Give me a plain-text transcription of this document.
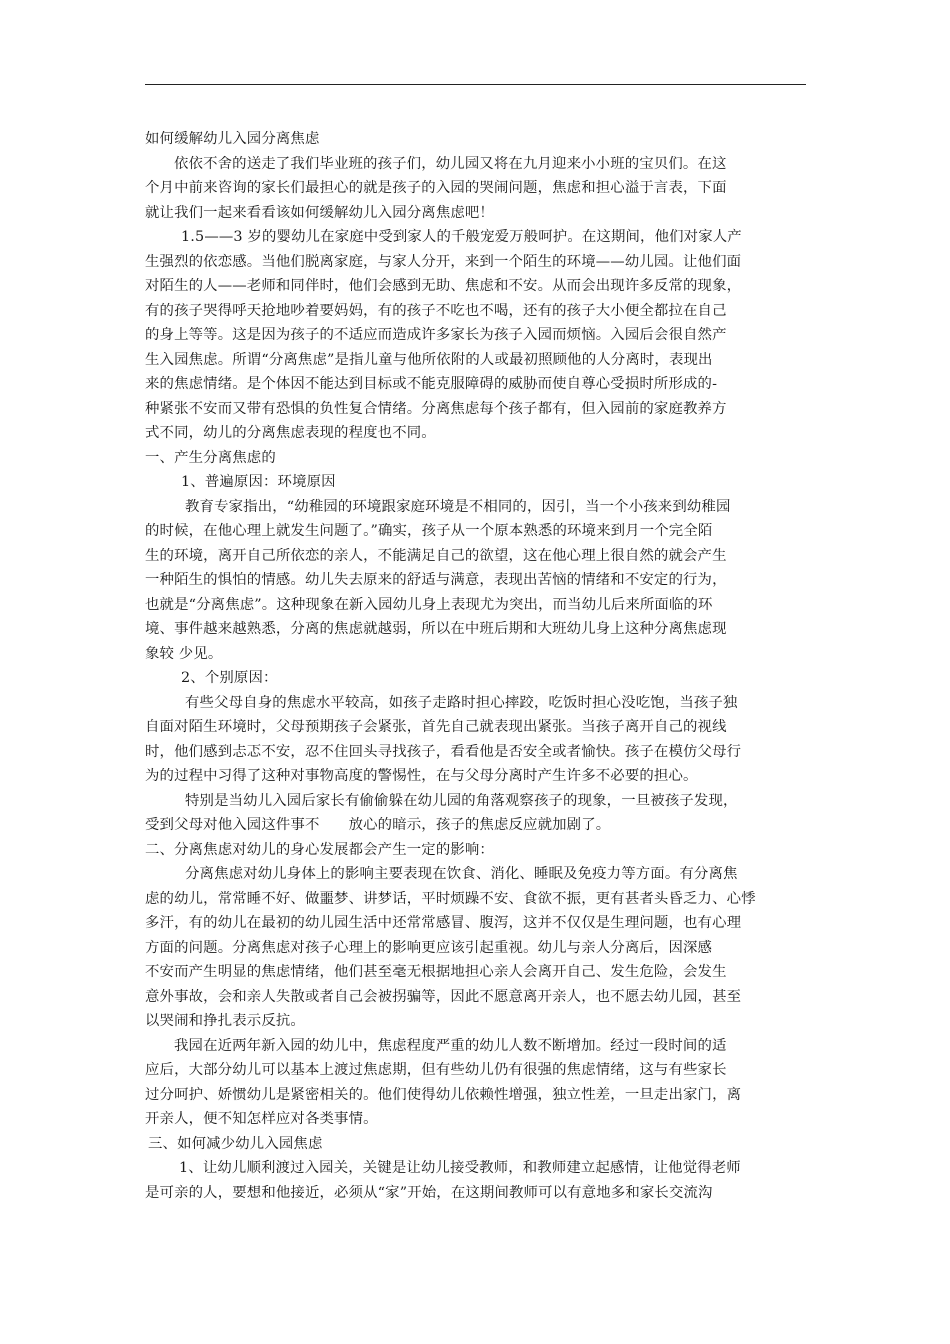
如何缓解幼儿入园分离焦虑
依依不舍的送走了我们毕业班的孩子们，幼儿园又将在九月迎来小小班的宝贝们。在这
个月中前来咨询的家长们最担心的就是孩子的入园的哭闹问题，焦虑和担心溢于言表，下面
就让我们一起来看看该如何缓解幼儿入园分离焦虑吧！
1.5——3 岁的婴幼儿在家庭中受到家人的千般宠爱万般呵护。在这期间，他们对家人产
生强烈的依恋感。当他们脱离家庭，与家人分开，来到一个陌生的环境——幼儿园。让他们面
对陌生的人——老师和同伴时，他们会感到无助、焦虑和不安。从而会出现许多反常的现象，
有的孩子哭得呼天抢地吵着要妈妈，有的孩子不吃也不喝，还有的孩子大小便全都拉在自己
的身上等等。这是因为孩子的不适应而造成许多家长为孩子入园而烦恼。入园后会很自然产
生入园焦虑。所谓“分离焦虑”是指儿童与他所依附的人或最初照顾他的人分离时，表现出
来的焦虑情绪。是个体因不能达到目标或不能克服障碍的威胁而使自尊心受损时所形成的-
种紧张不安而又带有恐惧的负性复合情绪。分离焦虑每个孩子都有，但入园前的家庭教养方
式不同，幼儿的分离焦虑表现的程度也不同。
一、产生分离焦虑的
1、普遍原因：环境原因
教育专家指出，“幼稚园的环境跟家庭环境是不相同的，因引，当一个小孩来到幼稚园
的时候，在他心理上就发生问题了。”确实，孩子从一个原本熟悉的环境来到月一个完全陌
生的环境，离开自己所依恋的亲人，不能满足自己的欲望，这在他心理上很自然的就会产生
一种陌生的惧怕的情感。幼儿失去原来的舒适与满意，表现出苦恼的情绪和不安定的行为，
也就是“分离焦虑”。这种现象在新入园幼儿身上表现尤为突出，而当幼儿后来所面临的环
境、事件越来越熟悉，分离的焦虑就越弱，所以在中班后期和大班幼儿身上这种分离焦虑现
象较 少见。
2、个别原因：
有些父母自身的焦虑水平较高，如孩子走路时担心摔跤，吃饭时担心没吃饱，当孩子独
自面对陌生环境时，父母预期孩子会紧张，首先自己就表现出紧张。当孩子离开自己的视线
时，他们感到忐忑不安，忍不住回头寻找孩子，看看他是否安全或者愉快。孩子在模仿父母行
为的过程中习得了这种对事物高度的警惕性，在与父母分离时产生许多不必要的担心。
特别是当幼儿入园后家长有偷偷躲在幼儿园的角落观察孩子的现象，一旦被孩子发现，
受到父母对他入园这件事不　　放心的暗示，孩子的焦虑反应就加剧了。
二、分离焦虑对幼儿的身心发展都会产生一定的影响：
分离焦虑对幼儿身体上的影响主要表现在饮食、消化、睡眠及免疫力等方面。有分离焦
虑的幼儿，常常睡不好、做噩梦、讲梦话，平时烦躁不安、食欲不振，更有甚者头昏乏力、心悸
多汗，有的幼儿在最初的幼儿园生活中还常常感冒、腹泻，这并不仅仅是生理问题，也有心理
方面的问题。分离焦虑对孩子心理上的影响更应该引起重视。幼儿与亲人分离后，因深感
不安而产生明显的焦虑情绪，他们甚至毫无根据地担心亲人会离开自己、发生危险，会发生
意外事故，会和亲人失散或者自己会被拐骗等，因此不愿意离开亲人，也不愿去幼儿园，甚至
以哭闹和挣扎表示反抗。
我园在近两年新入园的幼儿中，焦虑程度严重的幼儿人数不断增加。经过一段时间的适
应后，大部分幼儿可以基本上渡过焦虑期，但有些幼儿仍有很强的焦虑情绪，这与有些家长
过分呵护、娇惯幼儿是紧密相关的。他们使得幼儿依赖性增强，独立性差，一旦走出家门，离
开亲人，便不知怎样应对各类事情。
三、如何减少幼儿入园焦虑
1、让幼儿顺利渡过入园关，关键是让幼儿接受教师，和教师建立起感情，让他觉得老师
是可亲的人，要想和他接近，必须从“家”开始，在这期间教师可以有意地多和家长交流沟
